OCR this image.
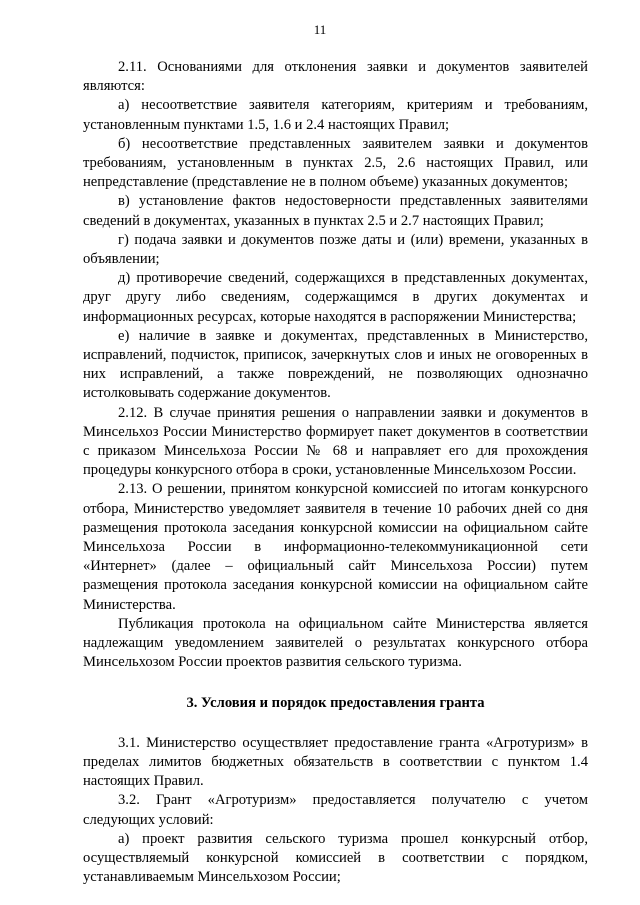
11

2.11. Основаниями для отклонения заявки и документов заявителей являются:

а) несоответствие заявителя категориям, критериям и требованиям, установленным пунктами 1.5, 1.6 и 2.4 настоящих Правил;

б) несоответствие представленных заявителем заявки и документов требованиям, установленным в пунктах 2.5, 2.6 настоящих Правил, или непредставление (представление не в полном объеме) указанных документов;

в) установление фактов недостоверности представленных заявителями сведений в документах, указанных в пунктах 2.5 и 2.7 настоящих Правил;

г) подача заявки и документов позже даты и (или) времени, указанных в объявлении;

д) противоречие сведений, содержащихся в представленных документах, друг другу либо сведениям, содержащимся в других документах и информационных ресурсах, которые находятся в распоряжении Министерства;

е) наличие в заявке и документах, представленных в Министерство, исправлений, подчисток, приписок, зачеркнутых слов и иных не оговоренных в них исправлений, а также повреждений, не позволяющих однозначно истолковывать содержание документов.

2.12. В случае принятия решения о направлении заявки и документов в Минсельхоз России Министерство формирует пакет документов в соответствии с приказом Минсельхоза России № 68 и направляет его для прохождения процедуры конкурсного отбора в сроки, установленные Минсельхозом России.

2.13. О решении, принятом конкурсной комиссией по итогам конкурсного отбора, Министерство уведомляет заявителя в течение 10 рабочих дней со дня размещения протокола заседания конкурсной комиссии на официальном сайте Минсельхоза России в информационно-телекоммуникационной сети «Интернет» (далее – официальный сайт Минсельхоза России) путем размещения протокола заседания конкурсной комиссии на официальном сайте Министерства.

Публикация протокола на официальном сайте Министерства является надлежащим уведомлением заявителей о результатах конкурсного отбора Минсельхозом России проектов развития сельского туризма.

3. Условия и порядок предоставления гранта

3.1. Министерство осуществляет предоставление гранта «Агротуризм» в пределах лимитов бюджетных обязательств в соответствии с пунктом 1.4 настоящих Правил.

3.2. Грант «Агротуризм» предоставляется получателю с учетом следующих условий:

а) проект развития сельского туризма прошел конкурсный отбор, осуществляемый конкурсной комиссией в соответствии с порядком, устанавливаемым Минсельхозом России;
